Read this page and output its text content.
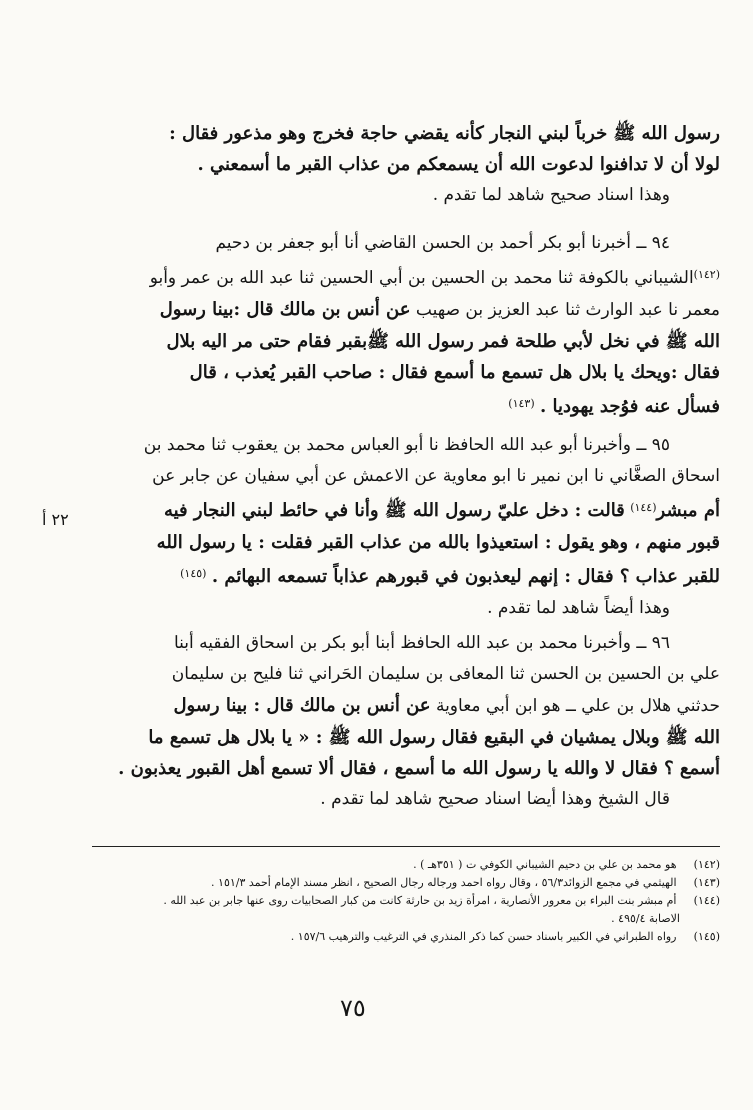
رسول الله ﷺ خرباً لبني النجار كأنه يقضي حاجة فخرج وهو مذعور فقال :

لولا أن لا تدافنوا لدعوت الله أن يسمعكم من عذاب القبر ما أسمعني .

وهذا اسناد صحيح شاهد لما تقدم .

٩٤ ــ أخبرنا أبو بكر أحمد بن الحسن القاضي أنا أبو جعفر بن دحيم

$^{(١٤٢)}$الشيباني بالكوفة ثنا محمد بن الحسين بن أبي الحسين ثنا عبد الله بن عمر وأبو

معمر نا عبد الوارث ثنا عبد العزيز بن صهيب عن أنس بن مالك قال :بينا رسول

الله ﷺ في نخل لأبي طلحة فمر رسول الله ﷺبقبر فقام حتى مر اليه بلال

فقال :ويحك يا بلال هل تسمع ما أسمع فقال : صاحب القبر يُعذب ، قال

فسأل عنه فوُجد يهوديا . $^{(١٤٣)}$

٩٥ ــ وأخبرنا أبو عبد الله الحافظ نا أبو العباس محمد بن يعقوب ثنا محمد بن

اسحاق الصغَّاني نا ابن نمير نا ابو معاوية عن الاعمش عن أبي سفيان عن جابر عن

أم مبشر$^{(١٤٤)}$ قالت : دخل عليّ رسول الله ﷺ وأنا في حائط لبني النجار فيه

قبور منهم ، وهو يقول : استعيذوا بالله من عذاب القبر فقلت : يا رسول الله

للقبر عذاب ؟ فقال : إنهم ليعذبون في قبورهم عذاباً تسمعه البهائم . $^{(١٤٥)}$

وهذا أيضاً شاهد لما تقدم .

٢٢ أ

٩٦ ــ وأخبرنا محمد بن عبد الله الحافظ أبنا أبو بكر بن اسحاق الفقيه أبنا

علي بن الحسين بن الحسن ثنا المعافى بن سليمان الحَراني ثنا فليح بن سليمان

حدثني هلال بن علي ــ هو ابن أبي معاوية عن أنس بن مالك قال : بينا رسول

الله ﷺ وبلال يمشيان في البقيع فقال رسول الله ﷺ : « يا بلال هل تسمع ما

أسمع ؟ فقال لا والله يا رسول الله ما أسمع ، فقال ألا تسمع أهل القبور يعذبون .

قال الشيخ وهذا أيضا اسناد صحيح شاهد لما تقدم .

(١٤٢) هو محمد بن علي بن دحيم الشيباني الكوفي ت ( ٣٥١هـ ) .

(١٤٣) الهيثمي في مجمع الزوائد٥٦/٣ ، وقال رواه احمد ورجاله رجال الصحيح ، انظر مسند الإمام أحمد ١٥١/٣ .

(١٤٤) أم مبشر بنت البراء بن معرور الأنصارية ، امرأة زيد بن حارثة كانت من كبار الصحابيات روى عنها جابر بن عبد الله .

الاصابة ٤٩٥/٤ .

(١٤٥) رواه الطبراني في الكبير باسناد حسن كما ذكر المنذري في الترغيب والترهيب ١٥٧/٦ .

٧٥
